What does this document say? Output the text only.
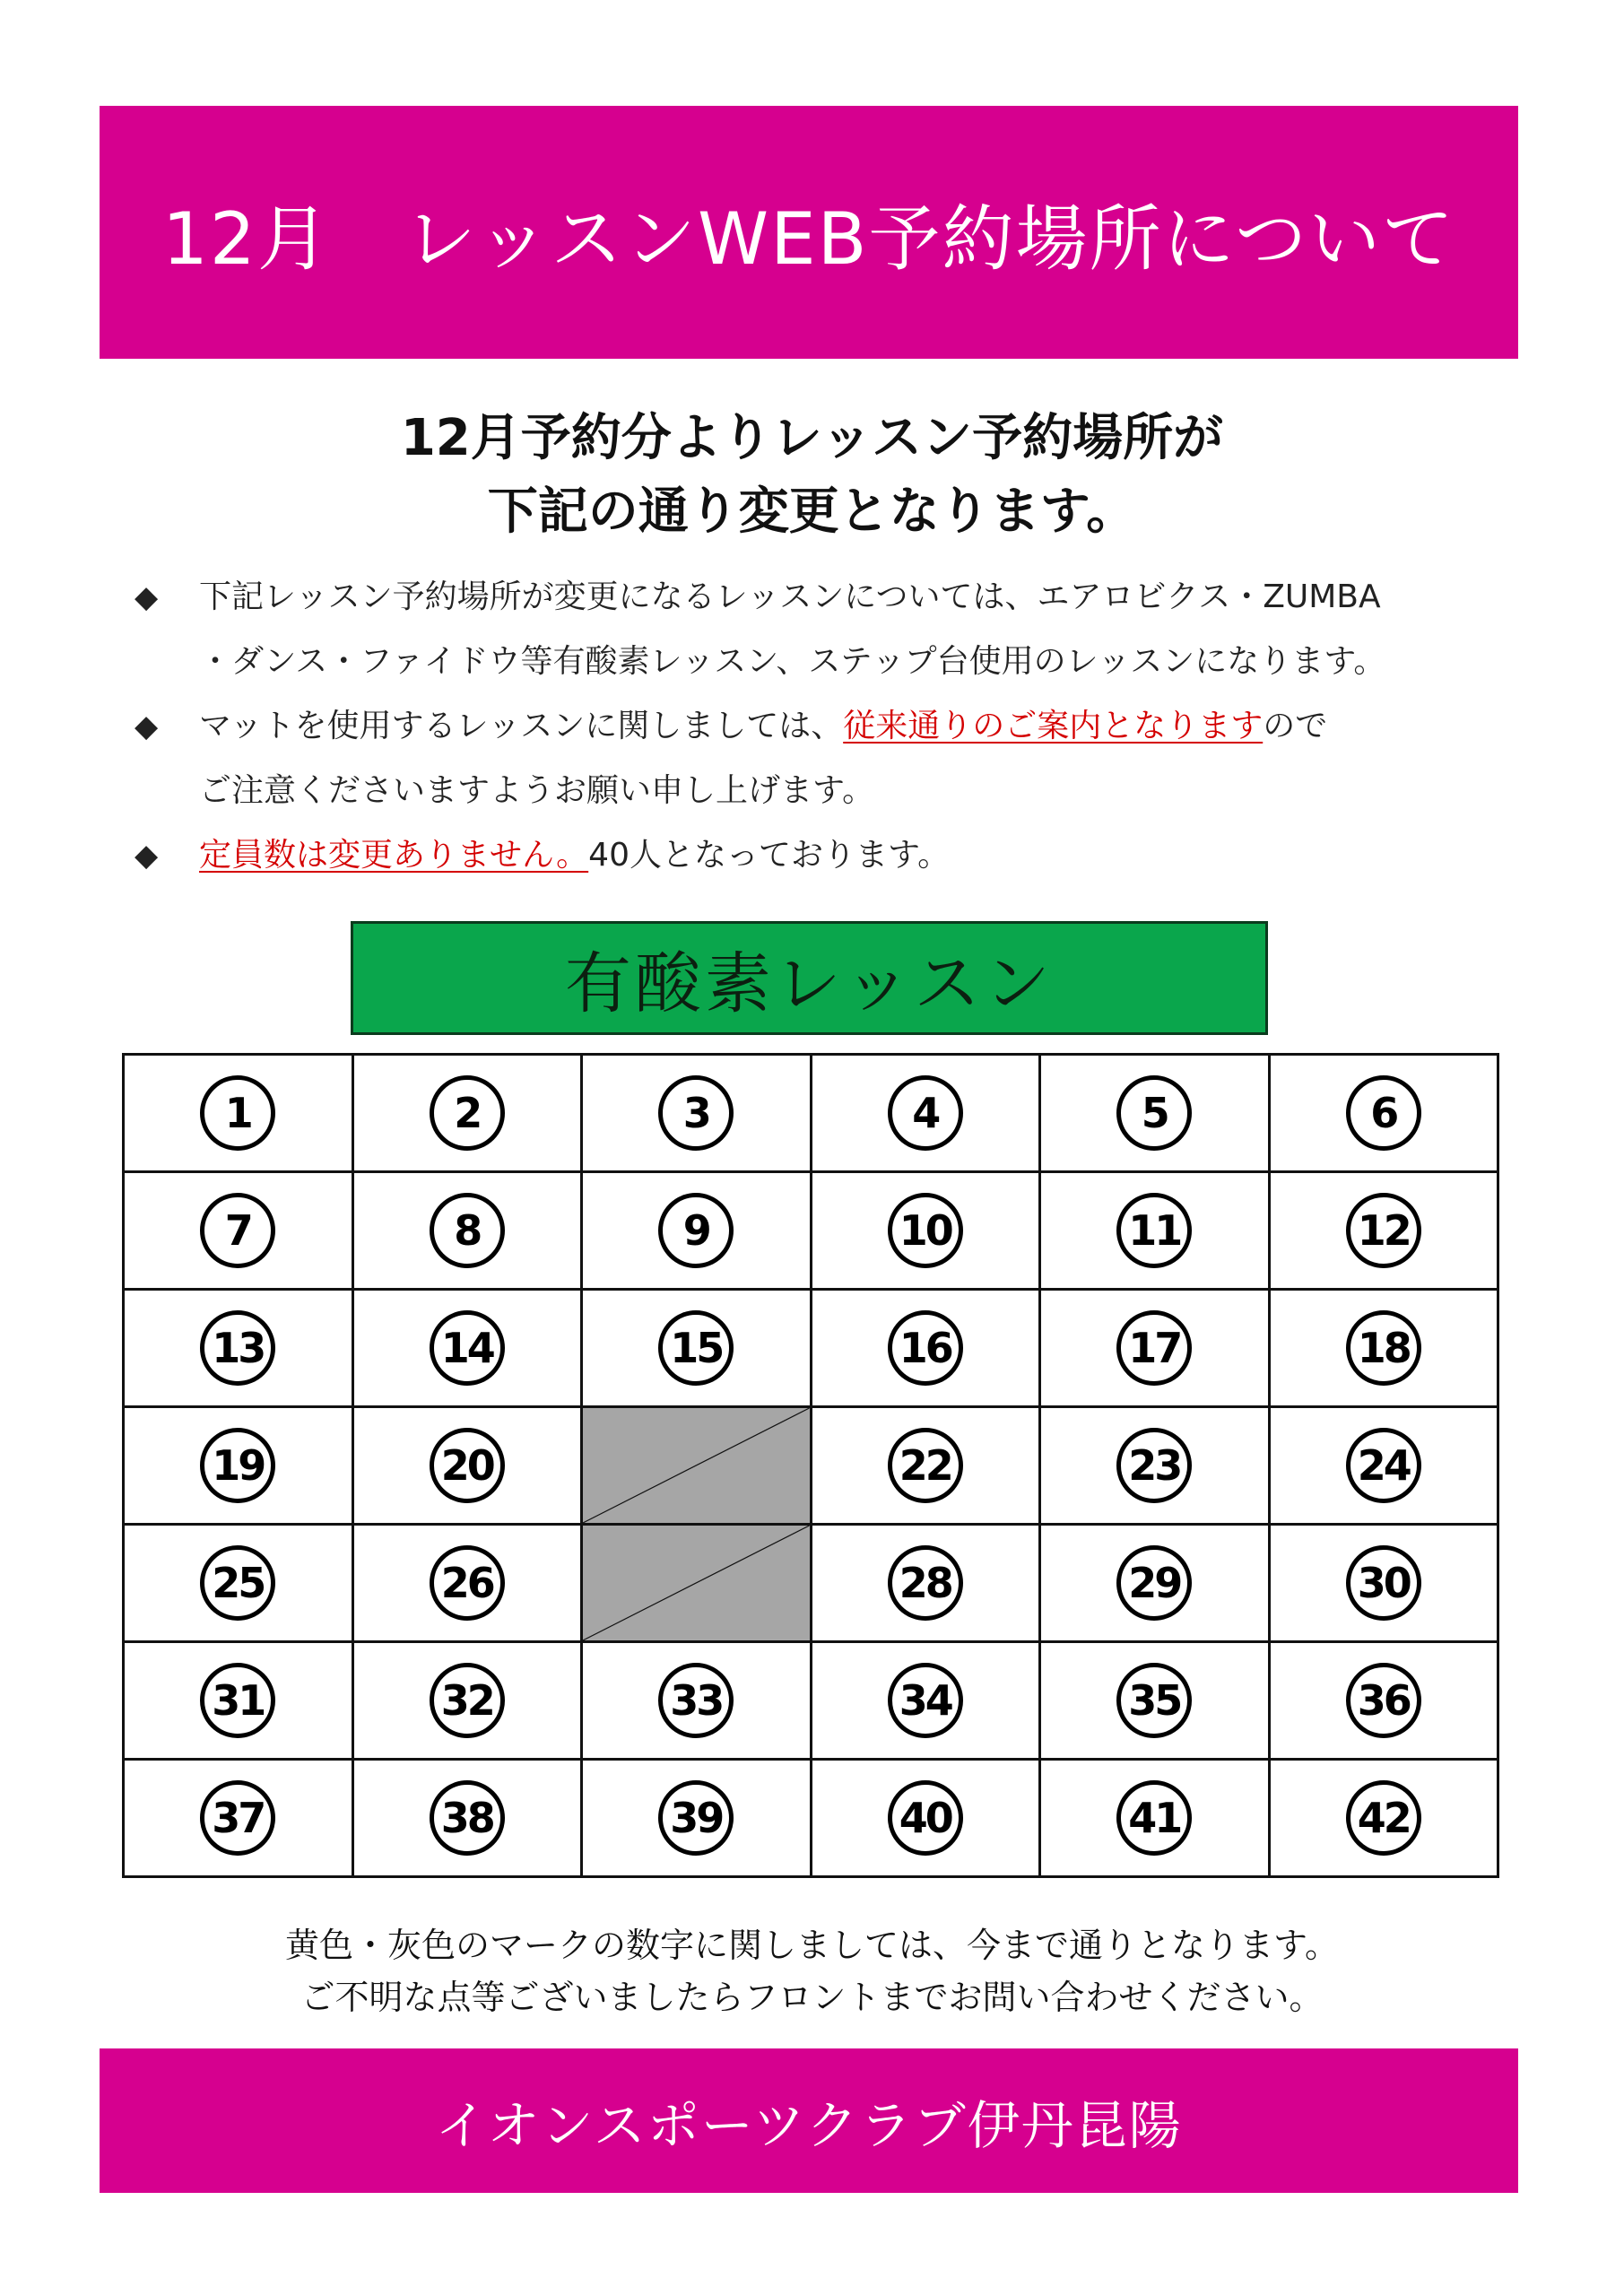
12月　レッスンWEB予約場所について
12月予約分よりレッスン予約場所が
下記の通り変更となります。
◆ 下記レッスン予約場所が変更になるレッスンについては、エアロビクス・ZUMBA
・ダンス・ファイドウ等有酸素レッスン、ステップ台使用のレッスンになります。
◆ マットを使用するレッスンに関しましては、従来通りのご案内となりますので
ご注意くださいますようお願い申し上げます。
◆ 定員数は変更ありません。40人となっております。
有酸素レッスン
1	2	3	4	5	6
7	8	9	10	11	12
13	14	15	16	17	18
19	20		22	23	24
25	26		28	29	30
31	32	33	34	35	36
37	38	39	40	41	42
黄色・灰色のマークの数字に関しましては、今まで通りとなります。
ご不明な点等ございましたらフロントまでお問い合わせください。
イオンスポーツクラブ伊丹昆陽
